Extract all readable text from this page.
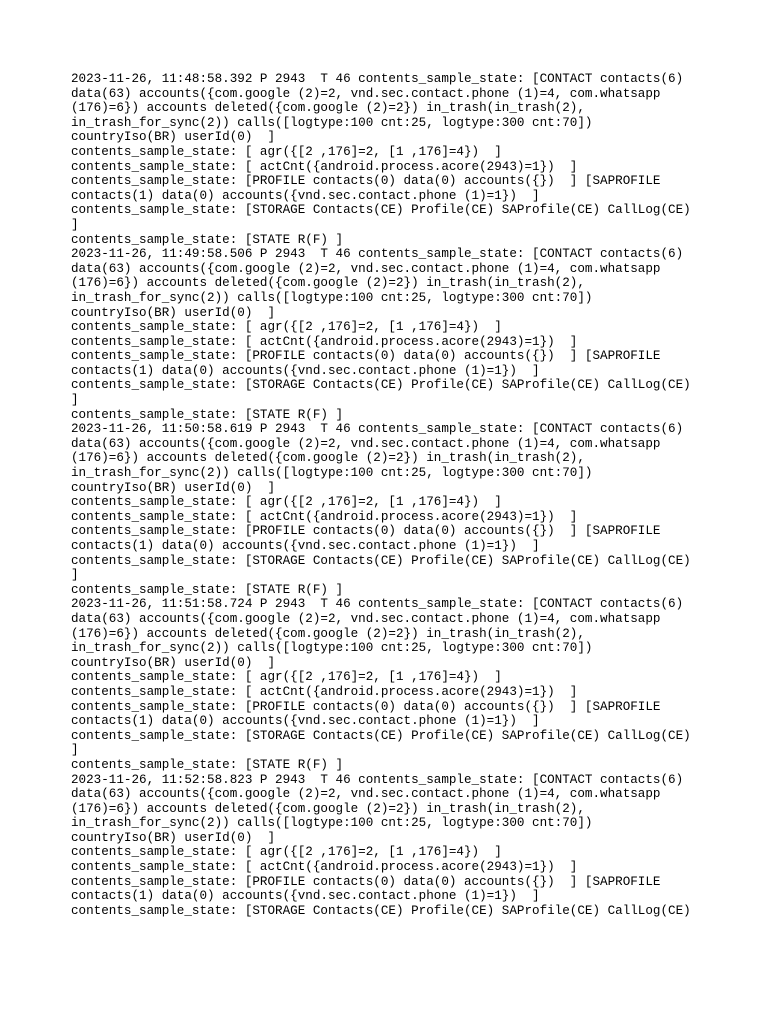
2023-11-26, 11:48:58.392 P 2943  T 46 contents_sample_state: [CONTACT contacts(6)
data(63) accounts({com.google (2)=2, vnd.sec.contact.phone (1)=4, com.whatsapp
(176)=6}) accounts deleted({com.google (2)=2}) in_trash(in_trash(2),
in_trash_for_sync(2)) calls([logtype:100 cnt:25, logtype:300 cnt:70])
countryIso(BR) userId(0)  ]
contents_sample_state: [ agr({[2 ,176]=2, [1 ,176]=4})  ]
contents_sample_state: [ actCnt({android.process.acore(2943)=1})  ]
contents_sample_state: [PROFILE contacts(0) data(0) accounts({})  ] [SAPROFILE
contacts(1) data(0) accounts({vnd.sec.contact.phone (1)=1})  ]
contents_sample_state: [STORAGE Contacts(CE) Profile(CE) SAProfile(CE) CallLog(CE)
]
contents_sample_state: [STATE R(F) ]
2023-11-26, 11:49:58.506 P 2943  T 46 contents_sample_state: [CONTACT contacts(6)
data(63) accounts({com.google (2)=2, vnd.sec.contact.phone (1)=4, com.whatsapp
(176)=6}) accounts deleted({com.google (2)=2}) in_trash(in_trash(2),
in_trash_for_sync(2)) calls([logtype:100 cnt:25, logtype:300 cnt:70])
countryIso(BR) userId(0)  ]
contents_sample_state: [ agr({[2 ,176]=2, [1 ,176]=4})  ]
contents_sample_state: [ actCnt({android.process.acore(2943)=1})  ]
contents_sample_state: [PROFILE contacts(0) data(0) accounts({})  ] [SAPROFILE
contacts(1) data(0) accounts({vnd.sec.contact.phone (1)=1})  ]
contents_sample_state: [STORAGE Contacts(CE) Profile(CE) SAProfile(CE) CallLog(CE)
]
contents_sample_state: [STATE R(F) ]
2023-11-26, 11:50:58.619 P 2943  T 46 contents_sample_state: [CONTACT contacts(6)
data(63) accounts({com.google (2)=2, vnd.sec.contact.phone (1)=4, com.whatsapp
(176)=6}) accounts deleted({com.google (2)=2}) in_trash(in_trash(2),
in_trash_for_sync(2)) calls([logtype:100 cnt:25, logtype:300 cnt:70])
countryIso(BR) userId(0)  ]
contents_sample_state: [ agr({[2 ,176]=2, [1 ,176]=4})  ]
contents_sample_state: [ actCnt({android.process.acore(2943)=1})  ]
contents_sample_state: [PROFILE contacts(0) data(0) accounts({})  ] [SAPROFILE
contacts(1) data(0) accounts({vnd.sec.contact.phone (1)=1})  ]
contents_sample_state: [STORAGE Contacts(CE) Profile(CE) SAProfile(CE) CallLog(CE)
]
contents_sample_state: [STATE R(F) ]
2023-11-26, 11:51:58.724 P 2943  T 46 contents_sample_state: [CONTACT contacts(6)
data(63) accounts({com.google (2)=2, vnd.sec.contact.phone (1)=4, com.whatsapp
(176)=6}) accounts deleted({com.google (2)=2}) in_trash(in_trash(2),
in_trash_for_sync(2)) calls([logtype:100 cnt:25, logtype:300 cnt:70])
countryIso(BR) userId(0)  ]
contents_sample_state: [ agr({[2 ,176]=2, [1 ,176]=4})  ]
contents_sample_state: [ actCnt({android.process.acore(2943)=1})  ]
contents_sample_state: [PROFILE contacts(0) data(0) accounts({})  ] [SAPROFILE
contacts(1) data(0) accounts({vnd.sec.contact.phone (1)=1})  ]
contents_sample_state: [STORAGE Contacts(CE) Profile(CE) SAProfile(CE) CallLog(CE)
]
contents_sample_state: [STATE R(F) ]
2023-11-26, 11:52:58.823 P 2943  T 46 contents_sample_state: [CONTACT contacts(6)
data(63) accounts({com.google (2)=2, vnd.sec.contact.phone (1)=4, com.whatsapp
(176)=6}) accounts deleted({com.google (2)=2}) in_trash(in_trash(2),
in_trash_for_sync(2)) calls([logtype:100 cnt:25, logtype:300 cnt:70])
countryIso(BR) userId(0)  ]
contents_sample_state: [ agr({[2 ,176]=2, [1 ,176]=4})  ]
contents_sample_state: [ actCnt({android.process.acore(2943)=1})  ]
contents_sample_state: [PROFILE contacts(0) data(0) accounts({})  ] [SAPROFILE
contacts(1) data(0) accounts({vnd.sec.contact.phone (1)=1})  ]
contents_sample_state: [STORAGE Contacts(CE) Profile(CE) SAProfile(CE) CallLog(CE)
